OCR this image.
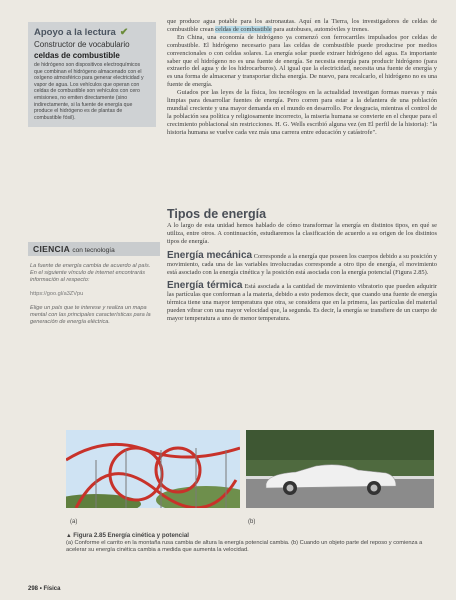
Apoyo a la lectura ✔
Constructor de vocabulario
celdas de combustible
de hidrógeno son dispositivos electroquímicos que combinan el hidrógeno almacenado con el oxígeno atmosférico para generar electricidad y vapor de agua. Los vehículos que operan con celdas de combustible son vehículos con cero emisiones, no emiten directamente (sino indirectamente, si la fuente de energía que produce el hidrógeno es de plantas de combustible fósil).
CIENCIA con tecnología

La fuente de energía cambia de acuerdo al país. En el siguiente vínculo de internet encontrarás información al respecto:

https://goo.gl/a3ZVpu

Elige un país que te interese y realiza un mapa mental con las principales características para la generación de energía eléctrica.

que produce agua potable para los astronautas. Aquí en la Tierra, los investigadores de celdas de combustible crean celdas de combustible para autobuses, automóviles y trenes.

En China, una economía de hidrógeno ya comenzó con ferrocarriles impulsados por celdas de combustible. El hidrógeno necesario para las celdas de combustible puede producirse por medios convencionales o con celdas solares. La energía solar puede extraer hidrógeno del agua. Es importante saber que el hidrógeno no es una fuente de energía. Se necesita energía para producir hidrógeno (para extraerlo del agua y de los hidrocarburos). Al igual que la electricidad, necesita una fuente de energía y es una forma de almacenar y transportar dicha energía. De nuevo, para recalcarlo, el hidrógeno no es una fuente de energía.

Guiados por las leyes de la física, los tecnólogos en la actualidad investigan formas nuevas y más limpias para desarrollar fuentes de energía. Pero corren para estar a la delantera de una población mundial creciente y una mayor demanda en el mundo en desarrollo. Por desgracia, mientras el control de la población sea política y religiosamente incorrecto, la miseria humana se convierte en el cheque para el crecimiento poblacional sin restricciones. H. G. Wells escribió alguna vez (en El perfil de la historia): "la historia humana se vuelve cada vez más una carrera entre educación y catástrofe".

Tipos de energía

A lo largo de esta unidad hemos hablado de cómo transformar la energía en distintos tipos, en qué se utiliza, entre otros. A continuación, estudiaremos la clasificación de acuerdo a su origen de los distintos tipos de energía.

Energía mecánica Corresponde a la energía que poseen los cuerpos debido a su posición y movimiento, cada una de las variables involucradas corresponde a otro tipo de energía, el movimiento está asociado con la energía cinética y la posición está asociada con la energía potencial (Figura 2.85).

Energía térmica Está asociada a la cantidad de movimiento vibratorio que pueden adquirir las partículas que conforman a la materia, debido a esto podemos decir, que cuando una fuente de energía térmica tiene una mayor temperatura que otra, se considera que en la primera, las partículas del material pueden vibrar con una mayor velocidad que, la segunda. Es decir, la energía se transfiere de un cuerpo de mayor temperatura a uno de menor temperatura.

(a)	(b)
▲ Figura 2.85 Energía cinética y potencial
(a) Conforme el carrito en la montaña rusa cambia de altura la energía potencial cambia. (b) Cuando un objeto parte del reposo y comienza a acelerar su energía cinética cambia a medida que aumenta la velocidad.
298 • Física
